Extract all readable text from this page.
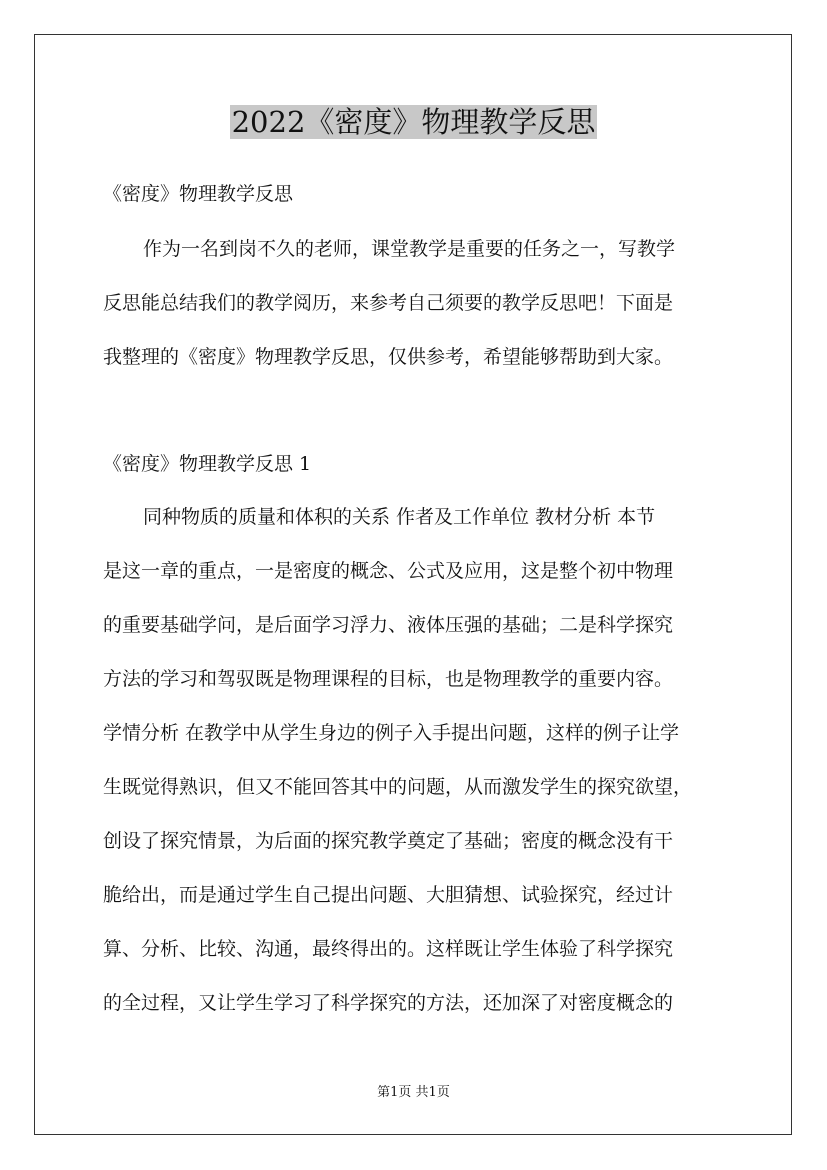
2022《密度》物理教学反思

《密度》物理教学反思

作为一名到岗不久的老师，课堂教学是重要的任务之一，写教学
反思能总结我们的教学阅历，来参考自己须要的教学反思吧！下面是
我整理的《密度》物理教学反思，仅供参考，希望能够帮助到大家。

《密度》物理教学反思 1

同种物质的质量和体积的关系 作者及工作单位 教材分析 本节
是这一章的重点，一是密度的概念、公式及应用，这是整个初中物理
的重要基础学问，是后面学习浮力、液体压强的基础；二是科学探究
方法的学习和驾驭既是物理课程的目标，也是物理教学的重要内容。
学情分析 在教学中从学生身边的例子入手提出问题，这样的例子让学
生既觉得熟识，但又不能回答其中的问题，从而激发学生的探究欲望，
创设了探究情景，为后面的探究教学奠定了基础；密度的概念没有干
脆给出，而是通过学生自己提出问题、大胆猜想、试验探究，经过计
算、分析、比较、沟通，最终得出的。这样既让学生体验了科学探究
的全过程，又让学生学习了科学探究的方法，还加深了对密度概念的
第1页 共1页
